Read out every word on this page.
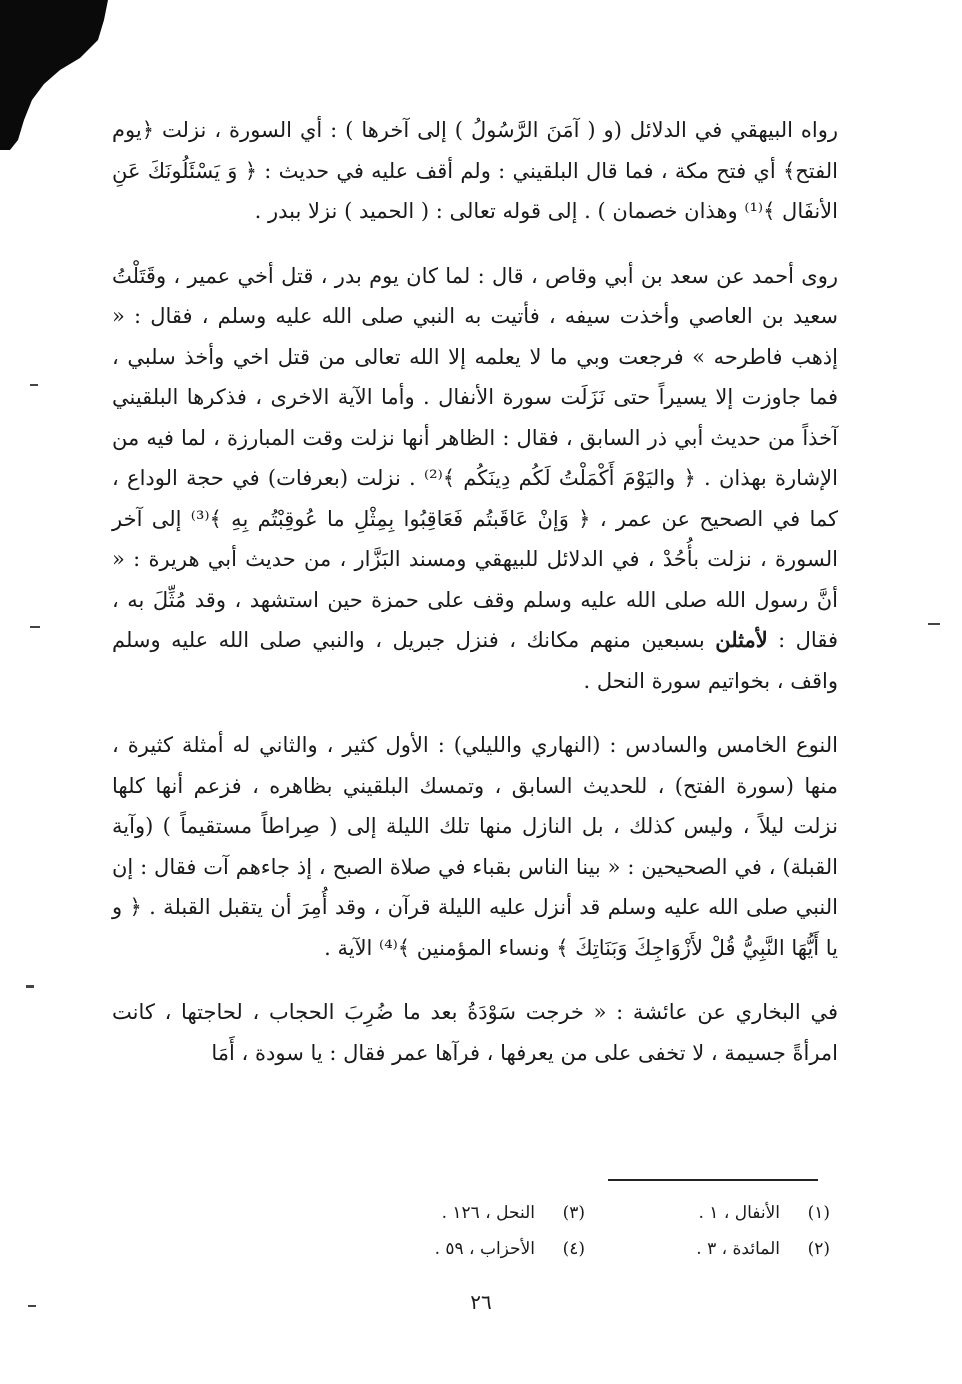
رواه البيهقي في الدلائل (و ( آمَنَ الرَّسُولُ ) إلى آخرها ) : أي السورة ، نزلت ﴿يوم الفتح﴾ أي فتح مكة ، فما قال البلقيني : ولم أقف عليه في حديث : ﴿ وَ يَسْئَلُونَكَ عَنِ الأنفَال ﴾⁽¹⁾ وهذان خصمان ) . إلى قوله تعالى : ( الحميد ) نزلا ببدر .

روى أحمد عن سعد بن أبي وقاص ، قال : لما كان يوم بدر ، قتل أخي عمير ، وقَتَلْتُ سعيد بن العاصي وأخذت سيفه ، فأتيت به النبي صلى الله عليه وسلم ، فقال : « إذهب فاطرحه » فرجعت وبي ما لا يعلمه إلا الله تعالى من قتل اخي وأخذ سلبي ، فما جاوزت إلا يسيراً حتى نَزَلَت سورة الأنفال . وأما الآية الاخرى ، فذكرها البلقيني آخذاً من حديث أبي ذر السابق ، فقال : الظاهر أنها نزلت وقت المبارزة ، لما فيه من الإشارة بهذان . ﴿ واليَوْمَ أَكْمَلْتُ لَكُم دِينَكُم ﴾⁽²⁾ . نزلت (بعرفات) في حجة الوداع ، كما في الصحيح عن عمر ، ﴿ وَإنْ عَاقَبتُم فَعَاقِبُوا بِمِثْلِ ما عُوقِبْتُم بِهِ ﴾⁽³⁾ إلى آخر السورة ، نزلت بأُحُدْ ، في الدلائل للبيهقي ومسند البَزَّار ، من حديث أبي هريرة : « أنَّ رسول الله صلى الله عليه وسلم وقف على حمزة حين استشهد ، وقد مُثِّلَ به ، فقال : لأمثلن بسبعين منهم مكانك ، فنزل جبريل ، والنبي صلى الله عليه وسلم واقف ، بخواتيم سورة النحل .

النوع الخامس والسادس : (النهاري والليلي) : الأول كثير ، والثاني له أمثلة كثيرة ، منها (سورة الفتح) ، للحديث السابق ، وتمسك البلقيني بظاهره ، فزعم أنها كلها نزلت ليلاً ، وليس كذلك ، بل النازل منها تلك الليلة إلى ( صِراطاً مستقيماً ) (وآية القبلة) ، في الصحيحين : « بينا الناس بقباء في صلاة الصبح ، إذ جاءهم آت فقال : إن النبي صلى الله عليه وسلم قد أنزل عليه الليلة قرآن ، وقد أُمِرَ أن يتقبل القبلة . ﴿ و يا أَيُّهَا النَّبِيُّ قُلْ لأَزْوَاجِكَ وَبَنَاتِكَ ﴾ ونساء المؤمنين ﴾⁽⁴⁾ الآية .

في البخاري عن عائشة : « خرجت سَوْدَةُ بعد ما ضُرِبَ الحجاب ، لحاجتها ، كانت امرأةً جسيمة ، لا تخفى على من يعرفها ، فرآها عمر فقال : يا سودة ، أَمَا

(١)
الأنفال ، ١ .
(٣)
النحل ، ١٢٦ .
(٢)
المائدة ، ٣ .
(٤)
الأحزاب ، ٥٩ .
٢٦
